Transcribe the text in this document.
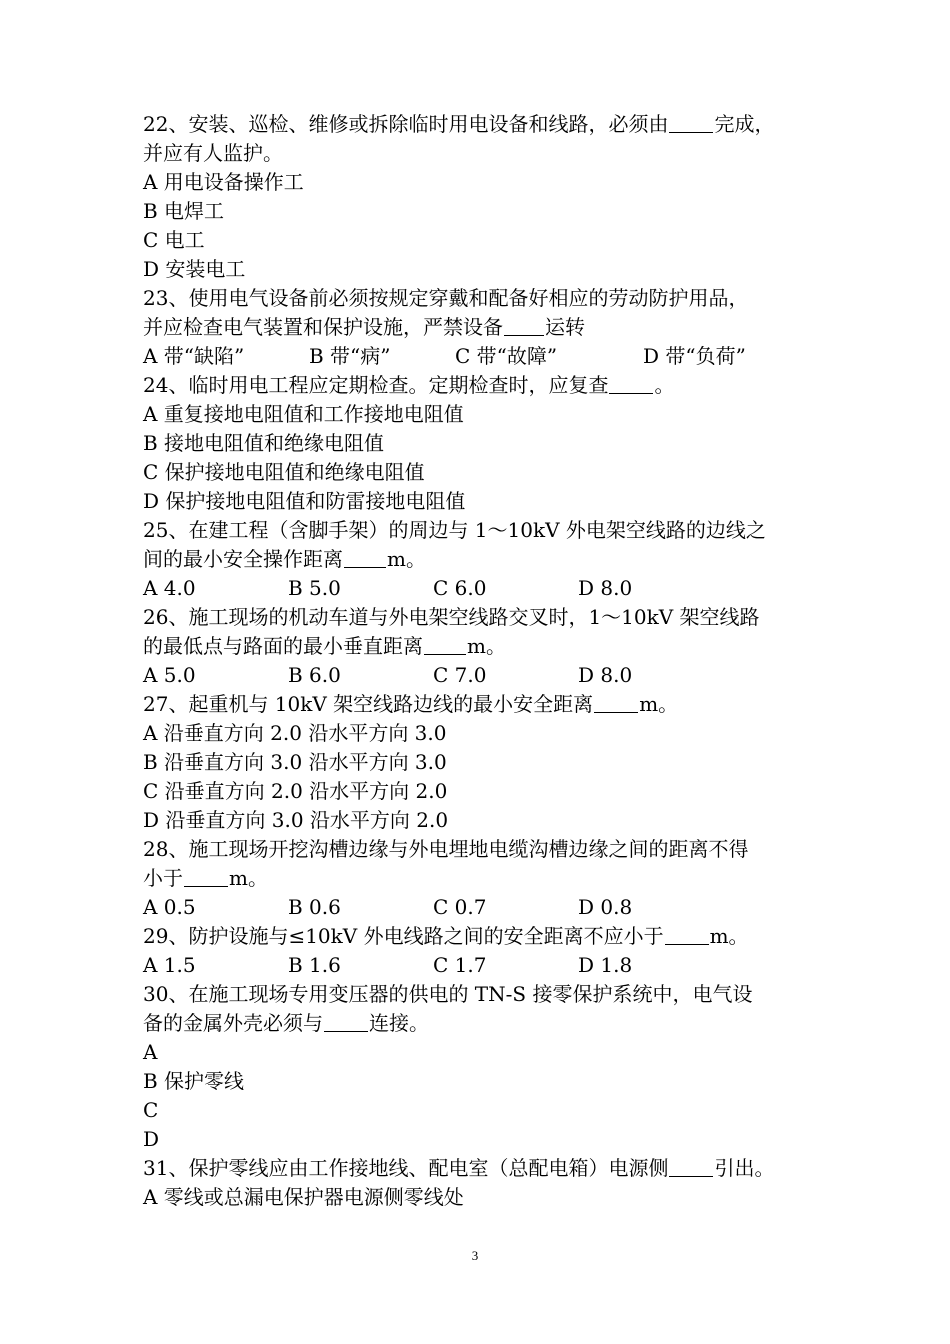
22、安装、巡检、维修或拆除临时用电设备和线路，必须由 完成，
并应有人监护。
A 用电设备操作工
B 电焊工
C 电工
D 安装电工
23、使用电气设备前必须按规定穿戴和配备好相应的劳动防护用品，
并应检查电气装置和保护设施，严禁设备 运转
A 带“缺陷”	B 带“病”	C 带“故障”	D 带“负荷”
24、临时用电工程应定期检查。定期检查时，应复查 。
A 重复接地电阻值和工作接地电阻值
B 接地电阻值和绝缘电阻值
C 保护接地电阻值和绝缘电阻值
D 保护接地电阻值和防雷接地电阻值
25、在建工程（含脚手架）的周边与 1～10kV 外电架空线路的边线之
间的最小安全操作距离 m。
A 4.0	B 5.0	C 6.0	D 8.0
26、施工现场的机动车道与外电架空线路交叉时，1～10kV 架空线路
的最低点与路面的最小垂直距离 m。
A 5.0	B 6.0	C 7.0	D 8.0
27、起重机与 10kV 架空线路边线的最小安全距离 m。
A 沿垂直方向 2.0 沿水平方向 3.0
B 沿垂直方向 3.0 沿水平方向 3.0
C 沿垂直方向 2.0 沿水平方向 2.0
D 沿垂直方向 3.0 沿水平方向 2.0
28、施工现场开挖沟槽边缘与外电埋地电缆沟槽边缘之间的距离不得
小于 m。
A 0.5	B 0.6	C 0.7	D 0.8
29、防护设施与≤10kV 外电线路之间的安全距离不应小于 m。
A 1.5	B 1.6	C 1.7	D 1.8
30、在施工现场专用变压器的供电的 TN-S 接零保护系统中，电气设
备的金属外壳必须与 连接。
A
B 保护零线
C
D
31、保护零线应由工作接地线、配电室（总配电箱）电源侧 引出。
A 零线或总漏电保护器电源侧零线处
3
